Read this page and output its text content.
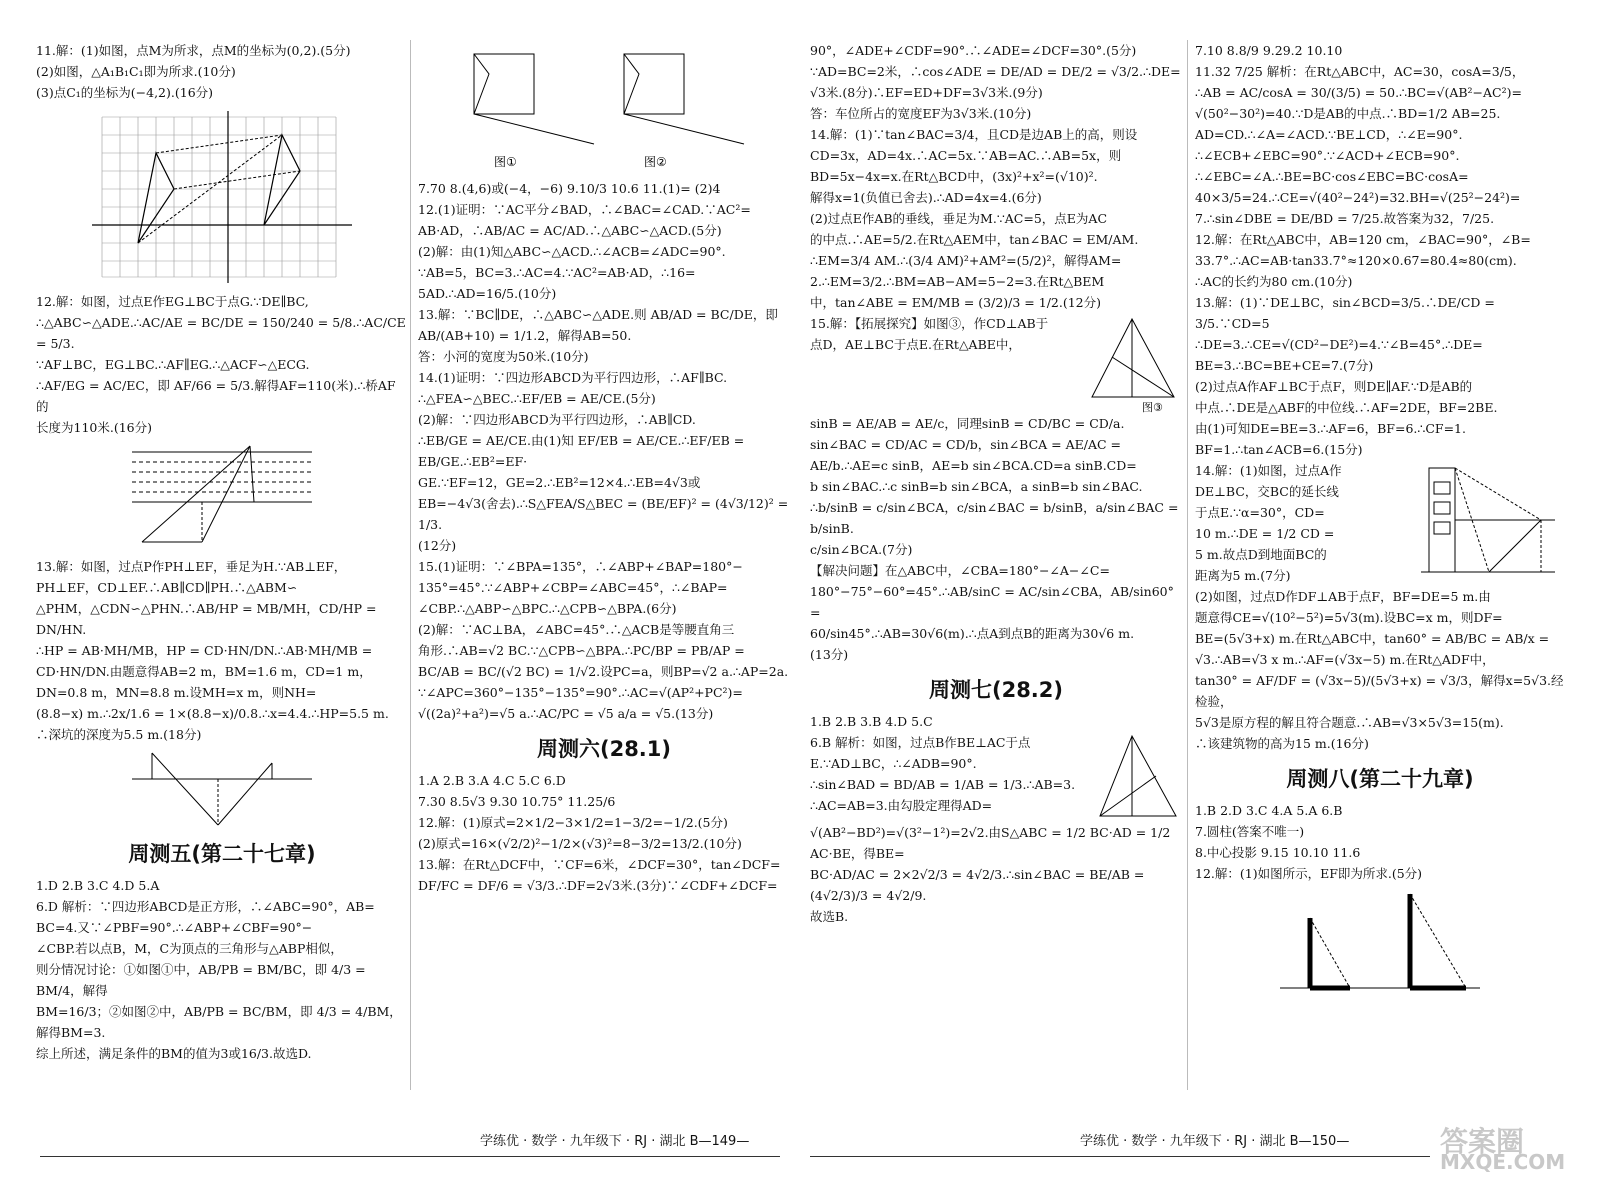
11.解：(1)如图，点M为所求，点M的坐标为(0,2).(5分)

(2)如图，△A₁B₁C₁即为所求.(10分)

(3)点C₁的坐标为(−4,2).(16分)

12.解：如图，过点E作EG⊥BC于点G.∵DE∥BC,

∴△ABC∽△ADE.∴AC/AE = BC/DE = 150/240 = 5/8.∴AC/CE = 5/3.

∵AF⊥BC，EG⊥BC.∴AF∥EG.∴△ACF∽△ECG.

∴AF/EG = AC/EC，即 AF/66 = 5/3.解得AF=110(米).∴桥AF的

长度为110米.(16分)

13.解：如图，过点P作PH⊥EF，垂足为H.∵AB⊥EF，

PH⊥EF，CD⊥EF.∴AB∥CD∥PH.∴△ABM∽

△PHM，△CDN∽△PHN.∴AB/HP = MB/MH，CD/HP = DN/HN.

∴HP = AB·MH/MB，HP = CD·HN/DN.∴AB·MH/MB =

CD·HN/DN.由题意得AB=2 m，BM=1.6 m，CD=1 m，

DN=0.8 m，MN=8.8 m.设MH=x m，则NH=

(8.8−x) m.∴2x/1.6 = 1×(8.8−x)/0.8.∴x=4.4.∴HP=5.5 m.

∴深坑的深度为5.5 m.(18分)

周测五(第二十七章)

1.D 2.B 3.C 4.D 5.A

6.D 解析：∵四边形ABCD是正方形，∴∠ABC=90°，AB=

BC=4.又∵∠PBF=90°.∴∠ABP+∠CBF=90°−

∠CBP.若以点B，M，C为顶点的三角形与△ABP相似，

则分情况讨论：①如图①中，AB/PB = BM/BC，即 4/3 = BM/4，解得

BM=16/3；②如图②中，AB/PB = BC/BM，即 4/3 = 4/BM，解得BM=3.

综上所述，满足条件的BM的值为3或16/3.故选D.

图①	图②

7.70 8.(4,6)或(−4，−6) 9.10/3 10.6 11.(1)= (2)4

12.(1)证明：∵AC平分∠BAD，∴∠BAC=∠CAD.∵AC²=

AB·AD，∴AB/AC = AC/AD.∴△ABC∽△ACD.(5分)

(2)解：由(1)知△ABC∽△ACD.∴∠ACB=∠ADC=90°.

∵AB=5，BC=3.∴AC=4.∵AC²=AB·AD，∴16=

5AD.∴AD=16/5.(10分)

13.解：∵BC∥DE，∴△ABC∽△ADE.则 AB/AD = BC/DE，即

AB/(AB+10) = 1/1.2，解得AB=50.

答：小河的宽度为50米.(10分)

14.(1)证明：∵四边形ABCD为平行四边形，∴AF∥BC.

∴△FEA∽△BEC.∴EF/EB = AE/CE.(5分)

(2)解：∵四边形ABCD为平行四边形，∴AB∥CD.

∴EB/GE = AE/CE.由(1)知 EF/EB = AE/CE.∴EF/EB = EB/GE.∴EB²=EF·

GE.∵EF=12，GE=2.∴EB²=12×4.∴EB=4√3或

EB=−4√3(舍去).∴S△FEA/S△BEC = (BE/EF)² = (4√3/12)² = 1/3.

(12分)

15.(1)证明：∵∠BPA=135°，∴∠ABP+∠BAP=180°−

135°=45°.∵∠ABP+∠CBP=∠ABC=45°，∴∠BAP=

∠CBP.∴△ABP∽△BPC.∴△CPB∽△BPA.(6分)

(2)解：∵AC⊥BA，∠ABC=45°.∴△ACB是等腰直角三

角形.∴AB=√2 BC.∵△CPB∽△BPA.∴PC/BP = PB/AP =

BC/AB = BC/(√2 BC) = 1/√2.设PC=a，则BP=√2 a.∴AP=2a.

∵∠APC=360°−135°−135°=90°.∴AC=√(AP²+PC²)=

√((2a)²+a²)=√5 a.∴AC/PC = √5 a/a = √5.(13分)

周测六(28.1)

1.A 2.B 3.A 4.C 5.C 6.D

7.30 8.5√3 9.30 10.75° 11.25/6

12.解：(1)原式=2×1/2−3×1/2=1−3/2=−1/2.(5分)

(2)原式=16×(√2/2)²−1/2×(√3)²=8−3/2=13/2.(10分)

13.解：在Rt△DCF中，∵CF=6米，∠DCF=30°，tan∠DCF=

DF/FC = DF/6 = √3/3.∴DF=2√3米.(3分)∵∠CDF+∠DCF=

90°，∠ADE+∠CDF=90°.∴∠ADE=∠DCF=30°.(5分)

∵AD=BC=2米，∴cos∠ADE = DE/AD = DE/2 = √3/2.∴DE=

√3米.(8分)∴EF=ED+DF=3√3米.(9分)

答：车位所占的宽度EF为3√3米.(10分)

14.解：(1)∵tan∠BAC=3/4，且CD是边AB上的高，则设

CD=3x，AD=4x.∴AC=5x.∵AB=AC.∴AB=5x，则

BD=5x−4x=x.在Rt△BCD中，(3x)²+x²=(√10)².

解得x=1(负值已舍去).∴AD=4x=4.(6分)

(2)过点E作AB的垂线，垂足为M.∵AC=5，点E为AC

的中点.∴AE=5/2.在Rt△AEM中，tan∠BAC = EM/AM.

∴EM=3/4 AM.∴(3/4 AM)²+AM²=(5/2)²，解得AM=

2.∴EM=3/2.∴BM=AB−AM=5−2=3.在Rt△BEM

中，tan∠ABE = EM/MB = (3/2)/3 = 1/2.(12分)

15.解：【拓展探究】如图③，作CD⊥AB于

点D，AE⊥BC于点E.在Rt△ABE中，

图③

sinB = AE/AB = AE/c，同理sinB = CD/BC = CD/a.

sin∠BAC = CD/AC = CD/b，sin∠BCA = AE/AC =

AE/b.∴AE=c sinB，AE=b sin∠BCA.CD=a sinB.CD=

b sin∠BAC.∴c sinB=b sin∠BCA，a sinB=b sin∠BAC.

∴b/sinB = c/sin∠BCA，c/sin∠BAC = b/sinB，a/sin∠BAC = b/sinB.

c/sin∠BCA.(7分)

【解决问题】在△ABC中，∠CBA=180°−∠A−∠C=

180°−75°−60°=45°.∴AB/sinC = AC/sin∠CBA，AB/sin60° =

60/sin45°.∴AB=30√6(m).∴点A到点B的距离为30√6 m.

(13分)

周测七(28.2)

1.B 2.B 3.B 4.D 5.C

6.B 解析：如图，过点B作BE⊥AC于点

E.∵AD⊥BC，∴∠ADB=90°.

∴sin∠BAD = BD/AB = 1/AB = 1/3.∴AB=3.

∴AC=AB=3.由勾股定理得AD=

√(AB²−BD²)=√(3²−1²)=2√2.由S△ABC = 1/2 BC·AD = 1/2 AC·BE，得BE=

BC·AD/AC = 2×2√2/3 = 4√2/3.∴sin∠BAC = BE/AB = (4√2/3)/3 = 4√2/9.

故选B.

7.10 8.8/9 9.29.2 10.10

11.32 7/25 解析：在Rt△ABC中，AC=30，cosA=3/5，

∴AB = AC/cosA = 30/(3/5) = 50.∴BC=√(AB²−AC²)=

√(50²−30²)=40.∵D是AB的中点.∴BD=1/2 AB=25.

AD=CD.∴∠A=∠ACD.∵BE⊥CD，∴∠E=90°.

∴∠ECB+∠EBC=90°.∵∠ACD+∠ECB=90°.

∴∠EBC=∠A.∴BE=BC·cos∠EBC=BC·cosA=

40×3/5=24.∴CE=√(40²−24²)=32.BH=√(25²−24²)=

7.∴sin∠DBE = DE/BD = 7/25.故答案为32，7/25.

12.解：在Rt△ABC中，AB=120 cm，∠BAC=90°，∠B=

33.7°.∴AC=AB·tan33.7°≈120×0.67=80.4≈80(cm).

∴AC的长约为80 cm.(10分)

13.解：(1)∵DE⊥BC，sin∠BCD=3/5.∴DE/CD = 3/5.∵CD=5

∴DE=3.∴CE=√(CD²−DE²)=4.∵∠B=45°.∴DE=

BE=3.∴BC=BE+CE=7.(7分)

(2)过点A作AF⊥BC于点F，则DE∥AF.∵D是AB的

中点.∴DE是△ABF的中位线.∴AF=2DE，BF=2BE.

由(1)可知DE=BE=3.∴AF=6，BF=6.∴CF=1.

BF=1.∴tan∠ACB=6.(15分)

14.解：(1)如图，过点A作

DE⊥BC，交BC的延长线

于点E.∵α=30°，CD=

10 m.∴DE = 1/2 CD =

5 m.故点D到地面BC的

距离为5 m.(7分)

(2)如图，过点D作DF⊥AB于点F，BF=DE=5 m.由

题意得CE=√(10²−5²)=5√3(m).设BC=x m，则DF=

BE=(5√3+x) m.在Rt△ABC中，tan60° = AB/BC = AB/x =

√3.∴AB=√3 x m.∴AF=(√3x−5) m.在Rt△ADF中，

tan30° = AF/DF = (√3x−5)/(5√3+x) = √3/3，解得x=5√3.经检验，

5√3是原方程的解且符合题意.∴AB=√3×5√3=15(m).

∴该建筑物的高为15 m.(16分)

周测八(第二十九章)

1.B 2.D 3.C 4.A 5.A 6.B

7.圆柱(答案不唯一)

8.中心投影 9.15 10.10 11.6

12.解：(1)如图所示，EF即为所求.(5分)

学练优 · 数学 · 九年级下 · RJ · 湖北 B—149—	学练优 · 数学 · 九年级下 · RJ · 湖北 B—150—	答案圈
MXQE.COM
